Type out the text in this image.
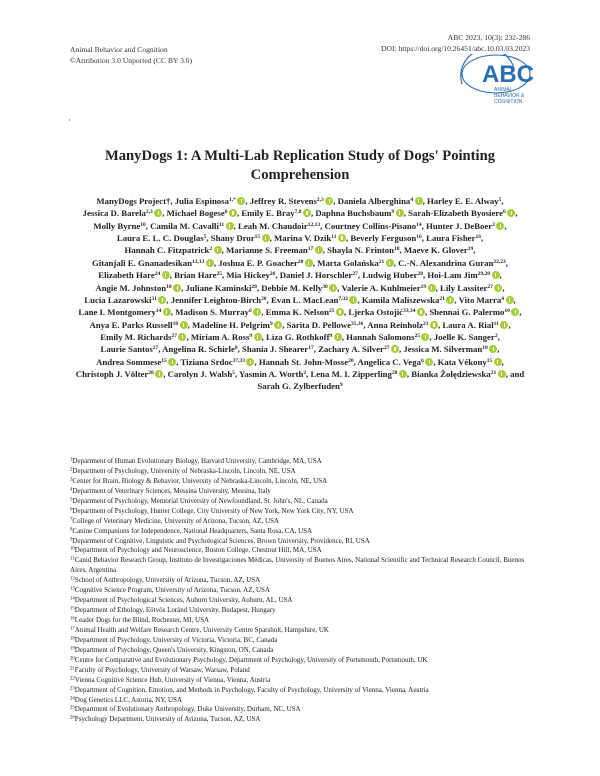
Animal Behavior and Cognition
©Attribution 3.0 Unported (CC BY 3.0)
ABC 2023, 10(3): 232-286
DOI: https://doi.org/10.26451/abc.10.03.03.2023
ABC
ANIMAL
BEHAVIOR &
COGNITION
·
ManyDogs 1: A Multi-Lab Replication Study of Dogs' Pointing Comprehension
ManyDogs Project†, Julia Espinosa$^{1,*}$ , Jeffrey R. Stevens$^{2,3}$ , Daniela Alberghina$^4$ , Harley E. E. Alway$^5$, Jessica D. Barela$^{2,3}$ , Michael Bogese$^6$ , Emily E. Bray$^{7,8}$ , Daphna Buchsbaum$^9$ , Sarah-Elizabeth Byosiere$^6$ , Molly Byrne$^{10}$, Camila M. Cavalli$^{11}$ , Leah M. Chaudoir$^{12,13}$, Courtney Collins-Pisano$^{14}$, Hunter J. DeBoer$^2$ , Laura E. L. C. Douglas$^5$, Shany Dror$^{15}$ , Marina V. Dzik$^{11}$ , Beverly Ferguson$^{16}$, Laura Fisher$^{16}$, Hannah C. Fitzpatrick$^2$ , Marianne S. Freeman$^{17}$ , Shayla N. Frinton$^{18}$, Maeve K. Glover$^{19}$, Gitanjali E. Gnanadesikan$^{12,13}$ , Joshua E. P. Goacher$^{20}$ , Marta Golańska$^{21}$ , C.-N. Alexandrina Guran$^{22,23}$, Elizabeth Hare$^{24}$ , Brian Hare$^{25}$, Mia Hickey$^{26}$, Daniel J. Horschler$^{27}$, Ludwig Huber$^{28}$, Hoi-Lam Jim$^{29,20}$ , Angie M. Johnston$^{10}$ , Juliane Kaminski$^{20}$, Debbie M. Kelly$^{30}$ , Valerie A. Kuhlmeier$^{19}$ , Lily Lassiter$^{27}$ , Lucia Lazarowski$^{31}$ , Jennifer Leighton-Birch$^{20}$, Evan L. MacLean$^{7,32}$ , Kamila Maliszewska$^{21}$ , Vito Marra$^4$ , Lane I. Montgomery$^{14}$ , Madison S. Murray$^6$ , Emma K. Nelson$^{25}$ , Ljerka Ostojić$^{33,34}$ , Shennai G. Palermo$^{10}$ , Anya E. Parks Russell$^{10}$ , Madeline H. Pelgrim$^9$ , Sarita D. Pellowe$^{35,36}$, Anna Reinholz$^{21}$ , Laura A. Rial$^{11}$ , Emily M. Richards$^{27}$ , Miriam A. Ross$^9$ , Liza G. Rothkoff$^9$ , Hannah Salomons$^{25}$ , Joelle K. Sanger$^2$, Laurie Santos$^{27}$, Angelina R. Schirle$^8$, Shania J. Shearer$^{17}$, Zachary A. Silver$^{27}$ , Jessica M. Silverman$^{10}$ , Andrea Sommese$^{15}$ , Tiziana Srdoc$^{37,33}$ , Hannah St. John-Mosse$^{20}$, Angelica C. Vega$^6$ , Kata Vékony$^{15}$ , Christoph J. Völter$^{28}$ , Carolyn J. Walsh$^5$, Yasmin A. Worth$^2$, Lena M. I. Zipperling$^{28}$ , Bianka Żołędziewska$^{21}$ , and Sarah G. Zylberfuden$^9$
$^1$Department of Human Evolutionary Biology, Harvard University, Cambridge, MA, USA
$^2$Department of Psychology, University of Nebraska-Lincoln, Lincoln, NE, USA
$^3$Center for Brain, Biology & Behavior, University of Nebraska-Lincoln, Lincoln, NE, USA
$^4$Department of Veterinary Sciences, Messina University, Messina, Italy
$^5$Department of Psychology, Memorial University of Newfoundland, St. John's, NL, Canada
$^6$Department of Psychology, Hunter College, City University of New York, New York City, NY, USA
$^7$College of Veterinary Medicine, University of Arizona, Tucson, AZ, USA
$^8$Canine Companions for Independence, National Headquarters, Santa Rosa, CA, USA
$^9$Department of Cognitive, Linguistic and Psychological Sciences, Brown University, Providence, RI, USA
$^{10}$Department of Psychology and Neuroscience, Boston College, Chestnut Hill, MA, USA
$^{11}$Canid Behavior Research Group, Instituto de Investigaciones Médicas, University of Buenos Aires, National Scientific and Technical Research Council, Buenos Aires, Argentina
$^{12}$School of Anthropology, University of Arizona, Tucson, AZ, USA
$^{13}$Cognitive Science Program, University of Arizona, Tucson, AZ, USA
$^{14}$Department of Psychological Sciences, Auburn University, Auburn, AL, USA
$^{15}$Department of Ethology, Eötvös Loránd University, Budapest, Hungary
$^{16}$Leader Dogs for the Blind, Rochester, MI, USA
$^{17}$Animal Health and Welfare Research Centre, University Centre Sparsholt, Hampshire, UK
$^{18}$Department of Psychology, University of Victoria, Victoria, BC, Canada
$^{19}$Department of Psychology, Queen's University, Kingston, ON, Canada
$^{20}$Centre for Comparative and Evolutionary Psychology, Department of Psychology, University of Portsmouth, Portsmouth, UK
$^{21}$Faculty of Psychology, University of Warsaw, Warsaw, Poland
$^{22}$Vienna Cognitive Science Hub, University of Vienna, Vienna, Austria
$^{23}$Department of Cognition, Emotion, and Methods in Psychology, Faculty of Psychology, University of Vienna, Vienna, Austria
$^{24}$Dog Genetics LLC, Astoria, NY, USA
$^{25}$Department of Evolutionary Anthropology, Duke University, Durham, NC, USA
$^{26}$Psychology Department, University of Arizona, Tucson, AZ, USA
